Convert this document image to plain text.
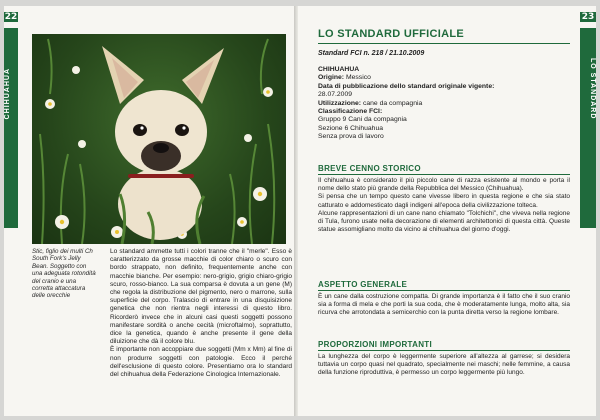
22
CHIHUAHUA
Stic, figlio dei multi Ch South Fork's Jelly Bean. Soggetto con una adeguata rotondità del cranio e una corretta attaccatura delle orecchie

Lo standard ammette tutti i colori tranne che il "merle". Esso è caratterizzato da grosse macchie di color chiaro o scuro con bordo strappato, non definito, frequentemente anche con macchie bianche. Per esempio: nero-grigio, grigio chiaro-grigio scuro, rosso-bianco. La sua comparsa è dovuta a un gene (M) che regola la distribuzione del pigmento, nero o marrone, sulla superficie del corpo. Tralascio di entrare in una disquisizione genetica che non rientra negli interessi di questo libro. Ricorderò invece che in alcuni casi questi soggetti possono manifestare sordità o anche cecità (microftalmo), soprattutto, dice la genetica, quando è anche presente il gene della diluizione che dà il colore blu.

È importante non accoppiare due soggetti (Mm x Mm) al fine di non produrre soggetti con patologie. Ecco il perché dell'esclusione di questo colore. Presentiamo ora lo standard del chihuahua della Federazione Cinologica Internazionale.

23
LO STANDARD
LO STANDARD UFFICIALE
Standard FCI n. 218 / 21.10.2009
CHIHUAHUA
Origine: Messico
Data di pubblicazione dello standard originale vigente:
28.07.2009
Utilizzazione: cane da compagnia
Classificazione FCI:
Gruppo 9 Cani da compagnia
Sezione 6 Chihuahua
Senza prova di lavoro
BREVE CENNO STORICO

Il chihuahua è considerato il più piccolo cane di razza esistente al mondo e porta il nome dello stato più grande della Repubblica del Messico (Chihuahua).

Si pensa che un tempo questo cane vivesse libero in questa regione e che sia stato catturato e addomesticato dagli indigeni all'epoca della civilizzazione tolteca.

Alcune rappresentazioni di un cane nano chiamato "Tolchichi", che viveva nella regione di Tula, furono usate nella decorazione di elementi architettonici di questa città. Queste statue assomigliano molto da vicino ai chihuahua del giorno d'oggi.

ASPETTO GENERALE

È un cane dalla costruzione compatta. Di grande importanza è il fatto che il suo cranio sia a forma di mela e che porti la sua coda, che è moderatamente lunga, molto alta, sia ricurva che arrotondata a semicerchio con la punta diretta verso la regione lombare.

PROPORZIONI IMPORTANTI

La lunghezza del corpo è leggermente superiore all'altezza al garrese; si desidera tuttavia un corpo quasi nel quadrato, specialmente nei maschi; nelle femmine, a causa della funzione riproduttiva, è permesso un corpo leggermente più lungo.
